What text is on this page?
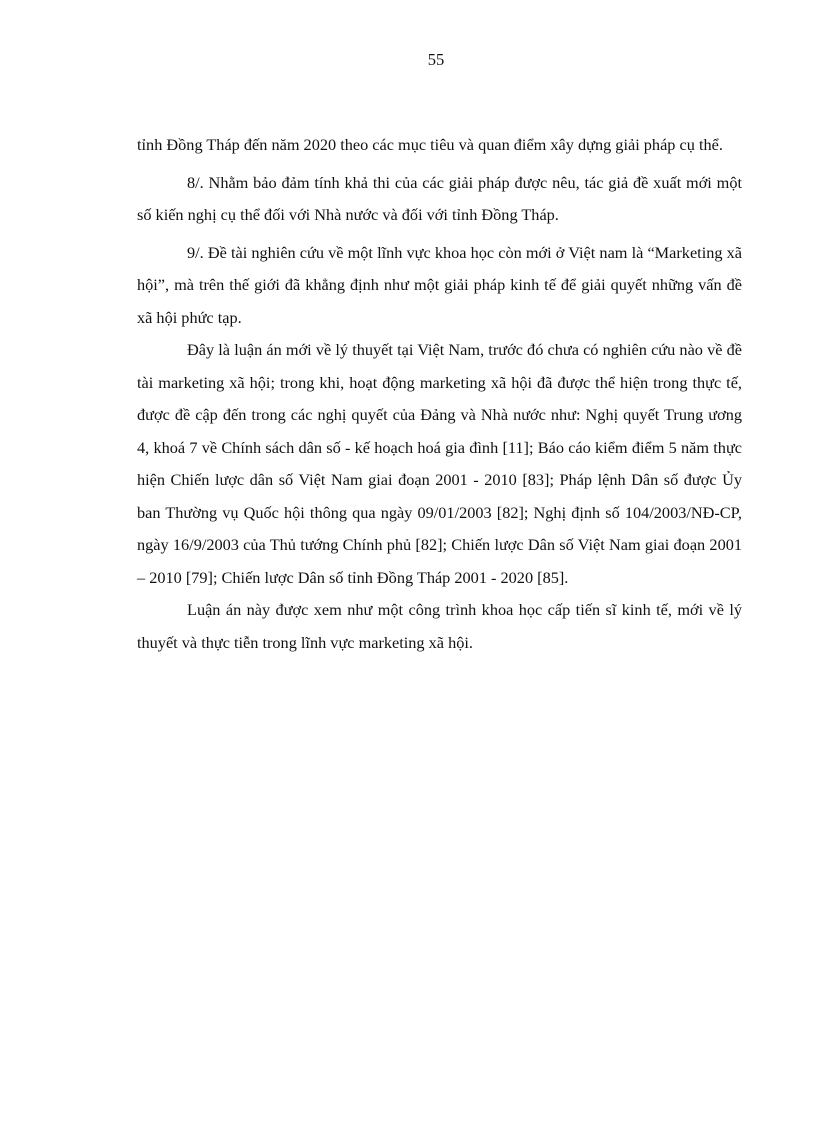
55

tỉnh Đồng Tháp đến năm 2020 theo các mục tiêu và quan điểm xây dựng giải pháp cụ thể.

8/. Nhằm bảo đảm tính khả thi của các giải pháp được nêu, tác giả đề xuất mới một số kiến nghị cụ thể đối với Nhà nước và đối với tỉnh Đồng Tháp.

9/. Đề tài nghiên cứu về một lĩnh vực khoa học còn mới ở Việt nam là “Marketing xã hội”, mà trên thế giới đã khẳng định như một giải pháp kinh tế để giải quyết những vấn đề xã hội phức tạp.

Đây là luận án mới về lý thuyết tại Việt Nam, trước đó chưa có nghiên cứu nào về đề tài marketing xã hội; trong khi, hoạt động marketing xã hội đã được thể hiện trong thực tế, được đề cập đến trong các nghị quyết của Đảng và Nhà nước như: Nghị quyết Trung ương 4, khoá 7 về Chính sách dân số - kế hoạch hoá gia đình [11]; Báo cáo kiểm điểm 5 năm thực hiện Chiến lược dân số Việt Nam giai đoạn 2001 - 2010 [83]; Pháp lệnh Dân số được Ủy ban Thường vụ Quốc hội thông qua ngày 09/01/2003 [82]; Nghị định số 104/2003/NĐ-CP, ngày 16/9/2003 của Thủ tướng Chính phủ [82]; Chiến lược Dân số Việt Nam giai đoạn 2001 – 2010 [79]; Chiến lược Dân số tỉnh Đồng Tháp 2001 - 2020 [85].

Luận án này được xem như một công trình khoa học cấp tiến sĩ kinh tế, mới về lý thuyết và thực tiễn trong lĩnh vực marketing xã hội.
